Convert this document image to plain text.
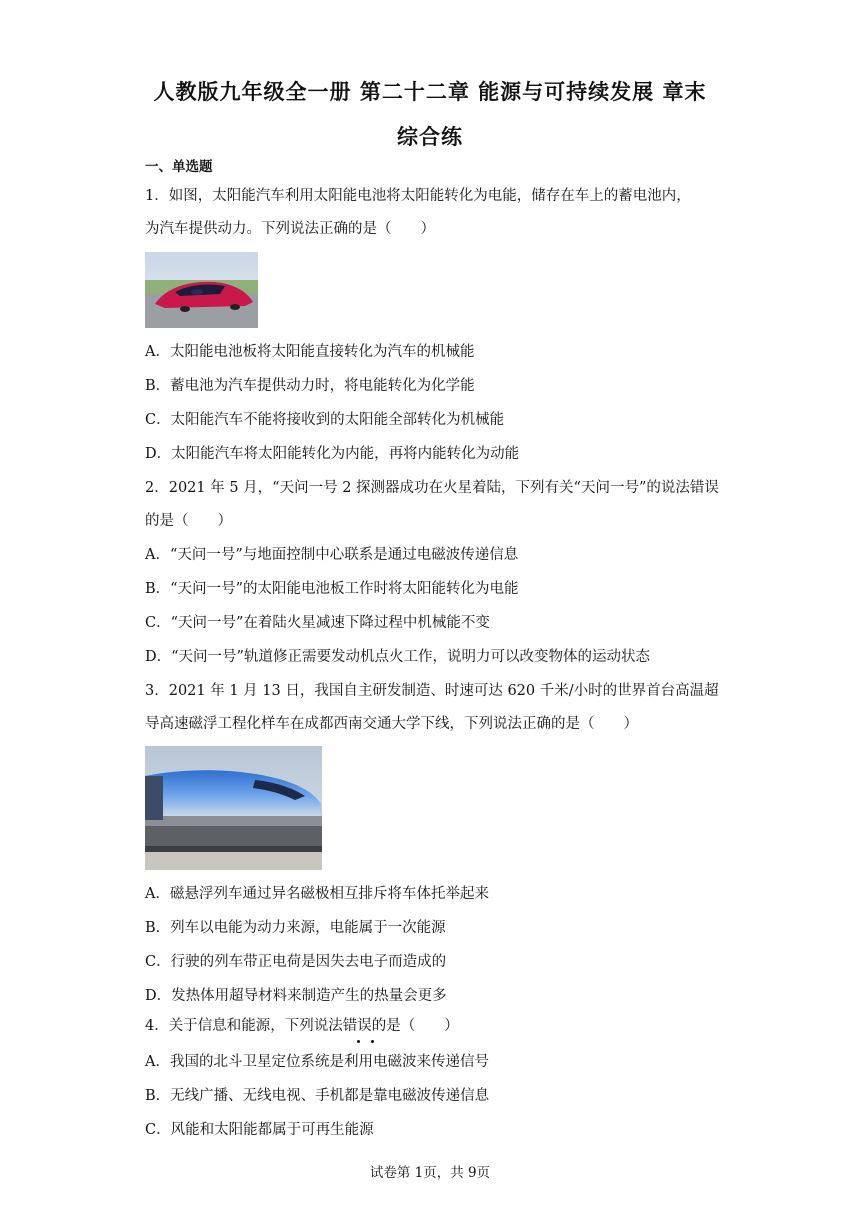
人教版九年级全一册 第二十二章 能源与可持续发展 章末
综合练
一、单选题
1．如图，太阳能汽车利用太阳能电池将太阳能转化为电能，储存在车上的蓄电池内，
为汽车提供动力。下列说法正确的是（　　）
A．太阳能电池板将太阳能直接转化为汽车的机械能
B．蓄电池为汽车提供动力时，将电能转化为化学能
C．太阳能汽车不能将接收到的太阳能全部转化为机械能
D．太阳能汽车将太阳能转化为内能，再将内能转化为动能
2．2021 年 5 月，“天问一号 2 探测器成功在火星着陆，下列有关“天问一号”的说法错误
的是（　　）
A．“天问一号”与地面控制中心联系是通过电磁波传递信息
B．“天问一号”的太阳能电池板工作时将太阳能转化为电能
C．“天问一号”在着陆火星减速下降过程中机械能不变
D．“天问一号”轨道修正需要发动机点火工作，说明力可以改变物体的运动状态
3．2021 年 1 月 13 日，我国自主研发制造、时速可达 620 千米/小时的世界首台高温超
导高速磁浮工程化样车在成都西南交通大学下线，下列说法正确的是（　　）
A．磁悬浮列车通过异名磁极相互排斥将车体托举起来
B．列车以电能为动力来源，电能属于一次能源
C．行驶的列车带正电荷是因失去电子而造成的
D．发热体用超导材料来制造产生的热量会更多
4．关于信息和能源，下列说法错误的是（　　）
A．我国的北斗卫星定位系统是利用电磁波来传递信号
B．无线广播、无线电视、手机都是靠电磁波传递信息
C．风能和太阳能都属于可再生能源
试卷第 1页，共 9页
